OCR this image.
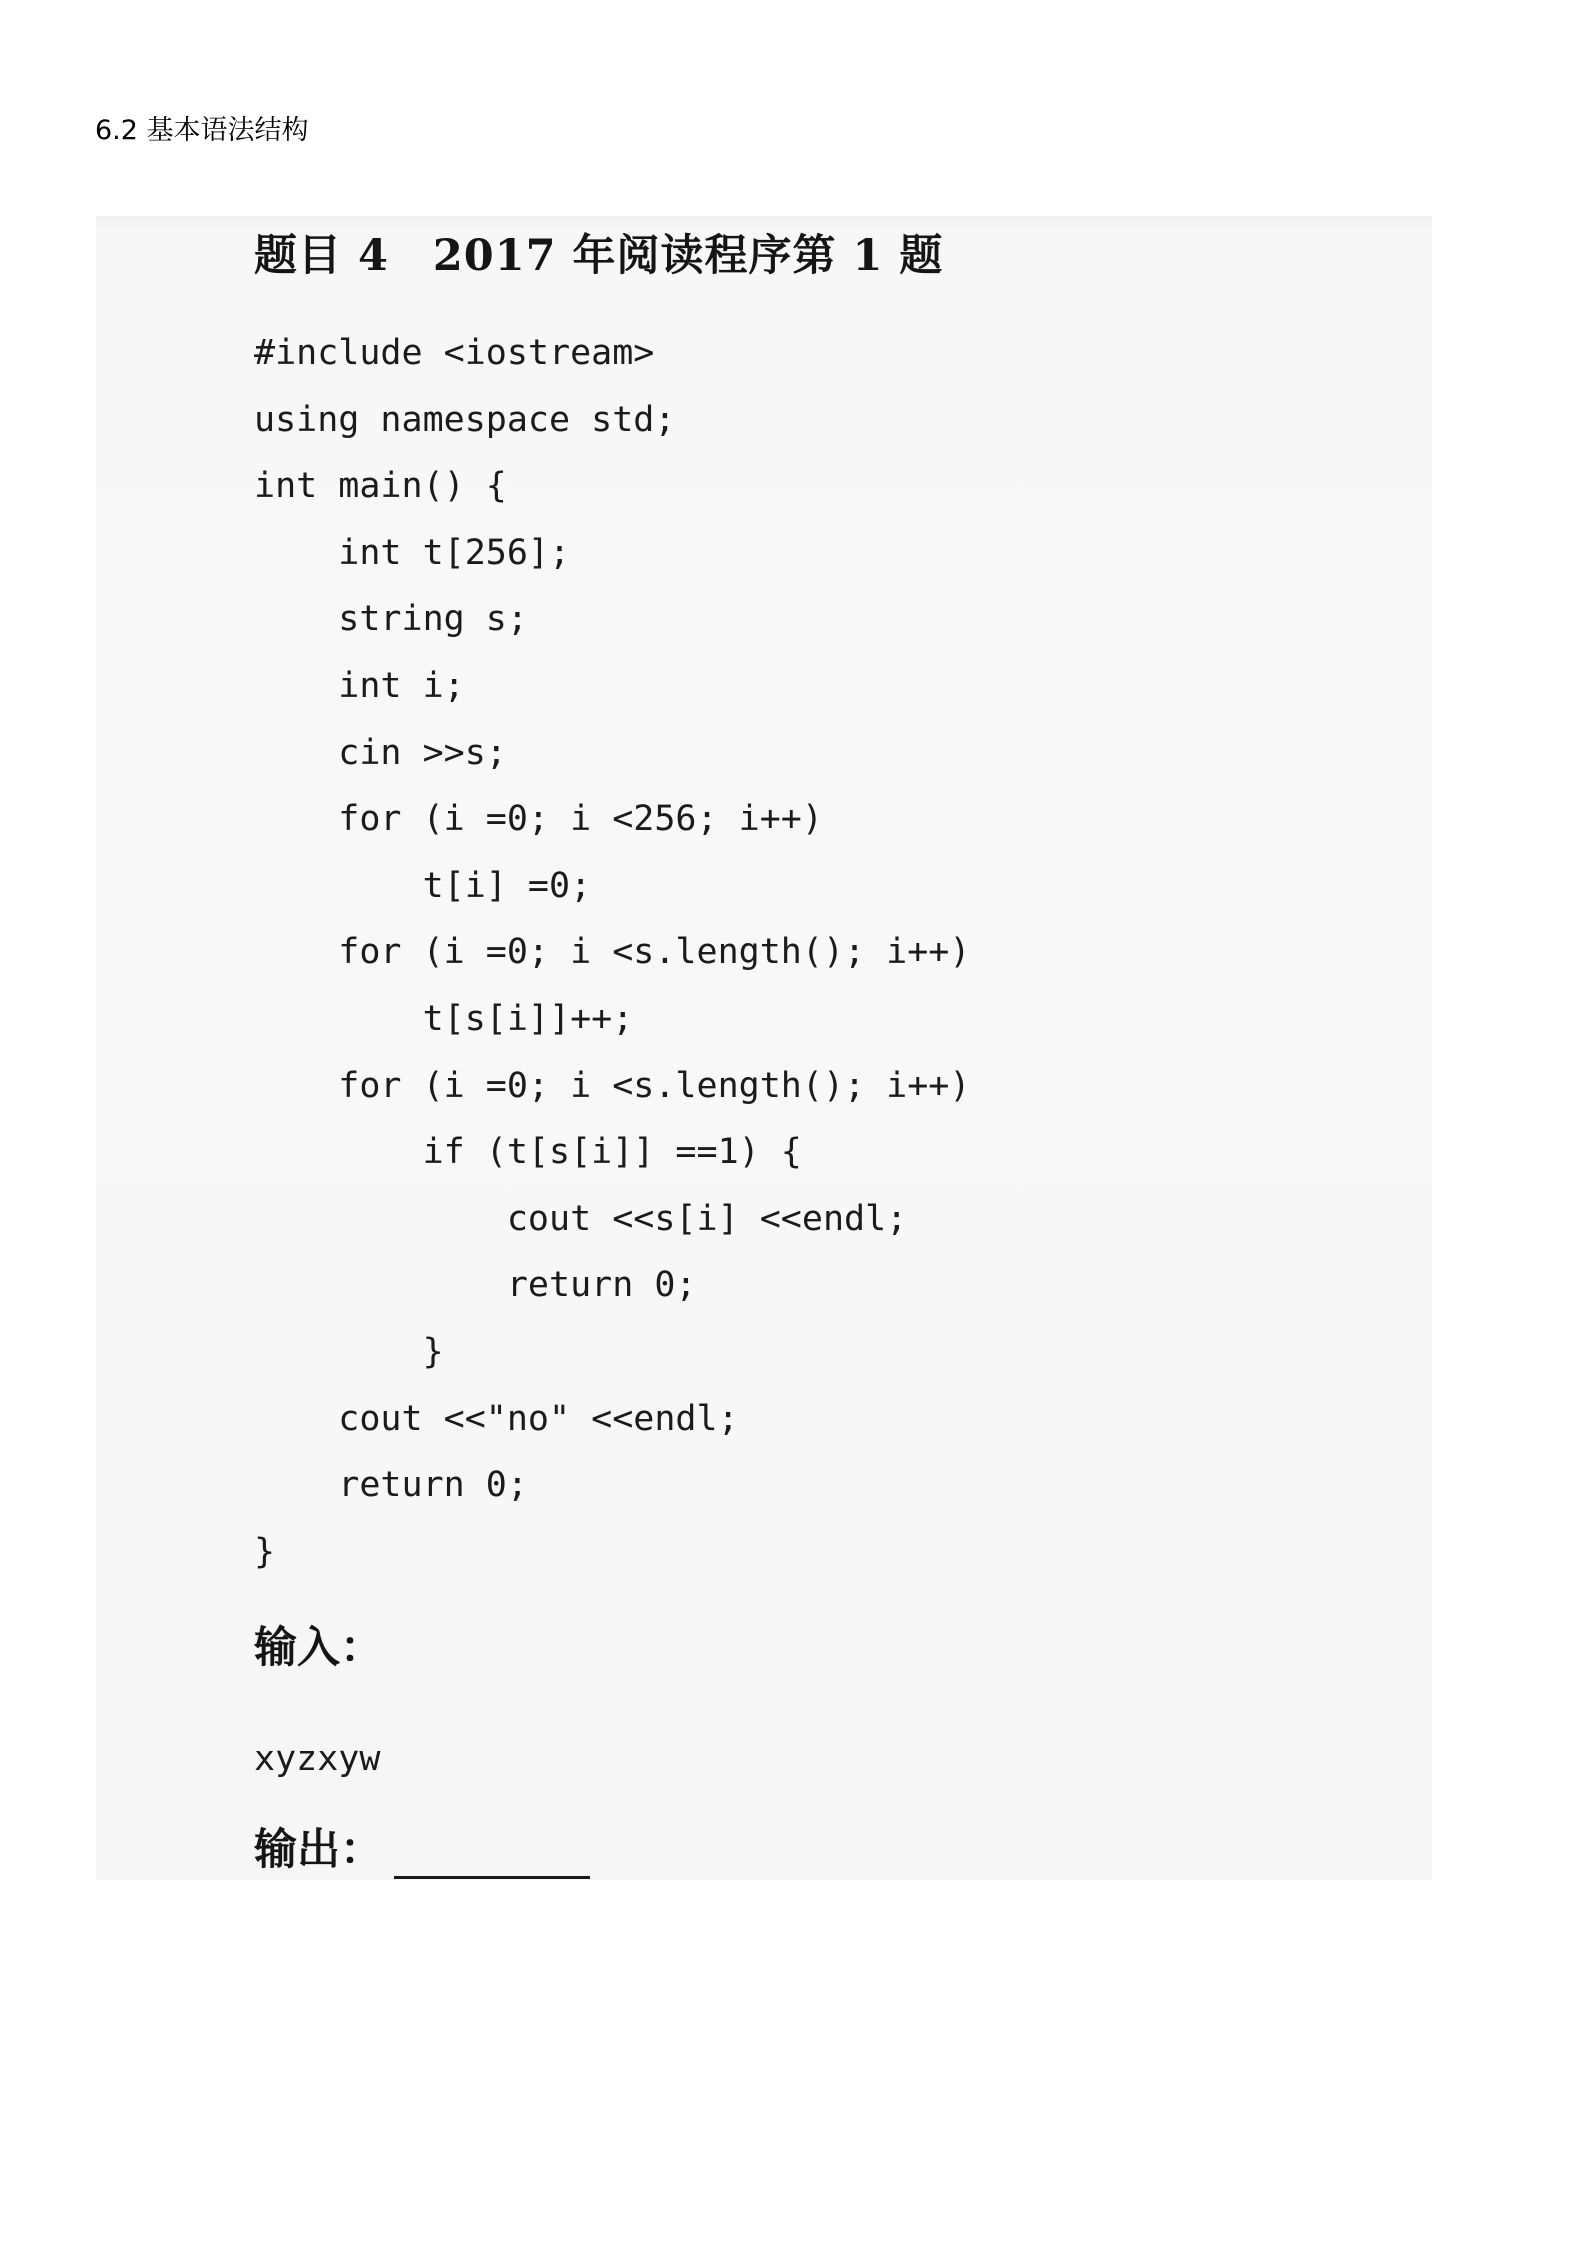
6.2 基本语法结构
题目 4　2017 年阅读程序第 1 题
#include <iostream>
using namespace std;
int main() {
int t[256];
string s;
int i;
cin >>s;
for (i =0; i <256; i++)
t[i] =0;
for (i =0; i <s.length(); i++)
t[s[i]]++;
for (i =0; i <s.length(); i++)
if (t[s[i]] ==1) {
cout <<s[i] <<endl;
return 0;
}
cout <<"no" <<endl;
return 0;
}
输入：
xyzxyw
输出：
